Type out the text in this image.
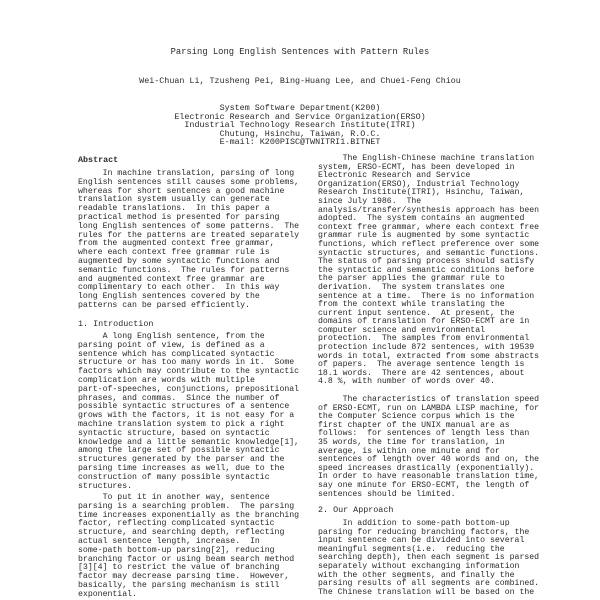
Parsing Long English Sentences with Pattern Rules
Wei-Chuan Li, Tzusheng Pei, Bing-Huang Lee, and Chuei-Feng Chiou
System Software Department(K200)
Electronic Research and Service Organization(ERSO)
Industrial Technology Research Institute(ITRI)
Chutung, Hsinchu, Taiwan, R.O.C.
E-mail: K200PISC@TWNITRI1.BITNET
Abstract
In machine translation, parsing of long
English sentences still causes some problems,
whereas for short sentences a good machine
translation system usually can generate
readable translations.  In this paper a
practical method is presented for parsing
long English sentences of some patterns.  The
rules for the patterns are treated separately
from the augmented context free grammar,
where each context free grammar rule is
augmented by some syntactic functions and
semantic functions.  The rules for patterns
and augmented context free grammar are
complimentary to each other.  In this way
long English sentences covered by the
patterns can be parsed efficiently.
1. Introduction
A long English sentence, from the
parsing point of view, is defined as a
sentence which has complicated syntactic
structure or has too many words in it.  Some
factors which may contribute to the syntactic
complication are words with multiple
part-of-speeches, conjunctions, prepositional
phrases, and commas.  Since the number of
possible syntactic structures of a sentence
grows with the factors, it is not easy for a
machine translation system to pick a right
syntactic structure, based on syntactic
knowledge and a little semantic knowledge[1],
among the large set of possible syntactic
structures generated by the parser and the
parsing time increases as well, due to the
construction of many possible syntactic
structures.
To put it in another way, sentence
parsing is a searching problem.  The parsing
time increases exponentially as the branching
factor, reflecting complicated syntactic
structure, and searching depth, reflecting
actual sentence length, increase.  In
some-path bottom-up parsing[2], reducing
branching factor or using beam search method
[3][4] to restrict the value of branching
factor may decrease parsing time.  However,
basically, the parsing mechanism is still
exponential.
The English-Chinese machine translation
system, ERSO-ECMT, has been developed in
Electronic Research and Service
Organization(ERSO), Industrial Technology
Research Institute(ITRI), Hsinchu, Taiwan,
since July 1986.  The
analysis/transfer/synthesis approach has been
adopted.  The system contains an augmented
context free grammar, where each context free
grammar rule is augmented by some syntactic
functions, which reflect preference over some
syntactic structures, and semantic functions.
The status of parsing process should satisfy
the syntactic and semantic conditions before
the parser applies the grammar rule to
derivation.  The system translates one
sentence at a time.  There is no information
from the context while translating the
current input sentence.  At present, the
domains of translation for ERSO-ECMT are in
computer science and environmental
protection.  The samples from environmental
protection include 872 sentences, with 19539
words in total, extracted from some abstracts
of papers.  The average sentence length is
18.1 words.  There are 42 sentences, about
4.8 %, with number of words over 40.
The characteristics of translation speed
of ERSO-ECMT, run on LAMBDA LISP machine, for
the Computer Science corpus which is the
first chapter of the UNIX manual are as
follows:  for sentences of length less than
35 words, the time for translation, in
average, is within one minute and for
sentences of length over 40 words and on, the
speed increases drastically (exponentially).
In order to have reasonable translation time,
say one minute for ERSO-ECMT, the length of
sentences should be limited.
2. Our Approach
In addition to some-path bottom-up
parsing for reducing branching factors, the
input sentence can be divided into several
meaningful segments(i.e.  reducing the
searching depth), then each segment is parsed
separately without exchanging information
with the other segments, and finally the
parsing results of all segments are combined.
The Chinese translation will be based on the
